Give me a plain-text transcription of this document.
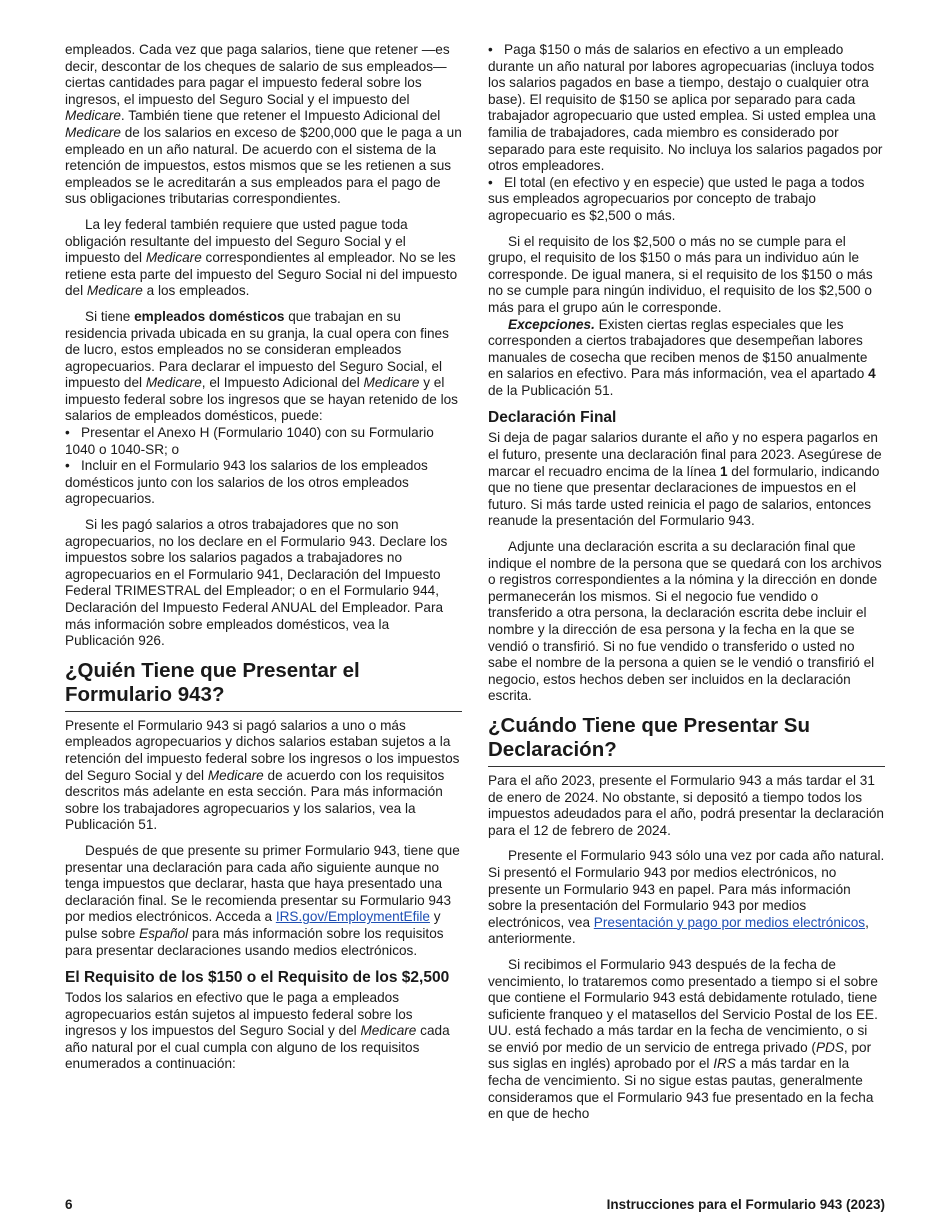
empleados. Cada vez que paga salarios, tiene que retener —es decir, descontar de los cheques de salario de sus empleados— ciertas cantidades para pagar el impuesto federal sobre los ingresos, el impuesto del Seguro Social y el impuesto del Medicare. También tiene que retener el Impuesto Adicional del Medicare de los salarios en exceso de $200,000 que le paga a un empleado en un año natural. De acuerdo con el sistema de la retención de impuestos, estos mismos que se les retienen a sus empleados se le acreditarán a sus empleados para el pago de sus obligaciones tributarias correspondientes.

La ley federal también requiere que usted pague toda obligación resultante del impuesto del Seguro Social y el impuesto del Medicare correspondientes al empleador. No se les retiene esta parte del impuesto del Seguro Social ni del impuesto del Medicare a los empleados.

Si tiene empleados domésticos que trabajan en su residencia privada ubicada en su granja, la cual opera con fines de lucro, estos empleados no se consideran empleados agropecuarios. Para declarar el impuesto del Seguro Social, el impuesto del Medicare, el Impuesto Adicional del Medicare y el impuesto federal sobre los ingresos que se hayan retenido de los salarios de empleados domésticos, puede:

• Presentar el Anexo H (Formulario 1040) con su Formulario 1040 o 1040-SR; o
• Incluir en el Formulario 943 los salarios de los empleados domésticos junto con los salarios de los otros empleados agropecuarios.

Si les pagó salarios a otros trabajadores que no son agropecuarios, no los declare en el Formulario 943. Declare los impuestos sobre los salarios pagados a trabajadores no agropecuarios en el Formulario 941, Declaración del Impuesto Federal TRIMESTRAL del Empleador; o en el Formulario 944, Declaración del Impuesto Federal ANUAL del Empleador. Para más información sobre empleados domésticos, vea la Publicación 926.

¿Quién Tiene que Presentar el Formulario 943?

Presente el Formulario 943 si pagó salarios a uno o más empleados agropecuarios y dichos salarios estaban sujetos a la retención del impuesto federal sobre los ingresos o los impuestos del Seguro Social y del Medicare de acuerdo con los requisitos descritos más adelante en esta sección. Para más información sobre los trabajadores agropecuarios y los salarios, vea la Publicación 51.

Después de que presente su primer Formulario 943, tiene que presentar una declaración para cada año siguiente aunque no tenga impuestos que declarar, hasta que haya presentado una declaración final. Se le recomienda presentar su Formulario 943 por medios electrónicos. Acceda a IRS.gov/EmploymentEfile y pulse sobre Español para más información sobre los requisitos para presentar declaraciones usando medios electrónicos.

El Requisito de los $150 o el Requisito de los $2,500

Todos los salarios en efectivo que le paga a empleados agropecuarios están sujetos al impuesto federal sobre los ingresos y los impuestos del Seguro Social y del Medicare cada año natural por el cual cumpla con alguno de los requisitos enumerados a continuación:

• Paga $150 o más de salarios en efectivo a un empleado durante un año natural por labores agropecuarias (incluya todos los salarios pagados en base a tiempo, destajo o cualquier otra base). El requisito de $150 se aplica por separado para cada trabajador agropecuario que usted emplea. Si usted emplea una familia de trabajadores, cada miembro es considerado por separado para este requisito. No incluya los salarios pagados por otros empleadores.
• El total (en efectivo y en especie) que usted le paga a todos sus empleados agropecuarios por concepto de trabajo agropecuario es $2,500 o más.

Si el requisito de los $2,500 o más no se cumple para el grupo, el requisito de los $150 o más para un individuo aún le corresponde. De igual manera, si el requisito de los $150 o más no se cumple para ningún individuo, el requisito de los $2,500 o más para el grupo aún le corresponde.

Excepciones. Existen ciertas reglas especiales que les corresponden a ciertos trabajadores que desempeñan labores manuales de cosecha que reciben menos de $150 anualmente en salarios en efectivo. Para más información, vea el apartado 4 de la Publicación 51.

Declaración Final

Si deja de pagar salarios durante el año y no espera pagarlos en el futuro, presente una declaración final para 2023. Asegúrese de marcar el recuadro encima de la línea 1 del formulario, indicando que no tiene que presentar declaraciones de impuestos en el futuro. Si más tarde usted reinicia el pago de salarios, entonces reanude la presentación del Formulario 943.

Adjunte una declaración escrita a su declaración final que indique el nombre de la persona que se quedará con los archivos o registros correspondientes a la nómina y la dirección en donde permanecerán los mismos. Si el negocio fue vendido o transferido a otra persona, la declaración escrita debe incluir el nombre y la dirección de esa persona y la fecha en la que se vendió o transfirió. Si no fue vendido o transferido o usted no sabe el nombre de la persona a quien se le vendió o transfirió el negocio, estos hechos deben ser incluidos en la declaración escrita.

¿Cuándo Tiene que Presentar Su Declaración?

Para el año 2023, presente el Formulario 943 a más tardar el 31 de enero de 2024. No obstante, si depositó a tiempo todos los impuestos adeudados para el año, podrá presentar la declaración para el 12 de febrero de 2024.

Presente el Formulario 943 sólo una vez por cada año natural. Si presentó el Formulario 943 por medios electrónicos, no presente un Formulario 943 en papel. Para más información sobre la presentación del Formulario 943 por medios electrónicos, vea Presentación y pago por medios electrónicos, anteriormente.

Si recibimos el Formulario 943 después de la fecha de vencimiento, lo trataremos como presentado a tiempo si el sobre que contiene el Formulario 943 está debidamente rotulado, tiene suficiente franqueo y el matasellos del Servicio Postal de los EE. UU. está fechado a más tardar en la fecha de vencimiento, o si se envió por medio de un servicio de entrega privado (PDS, por sus siglas en inglés) aprobado por el IRS a más tardar en la fecha de vencimiento. Si no sigue estas pautas, generalmente consideramos que el Formulario 943 fue presentado en la fecha en que de hecho

6	Instrucciones para el Formulario 943 (2023)
